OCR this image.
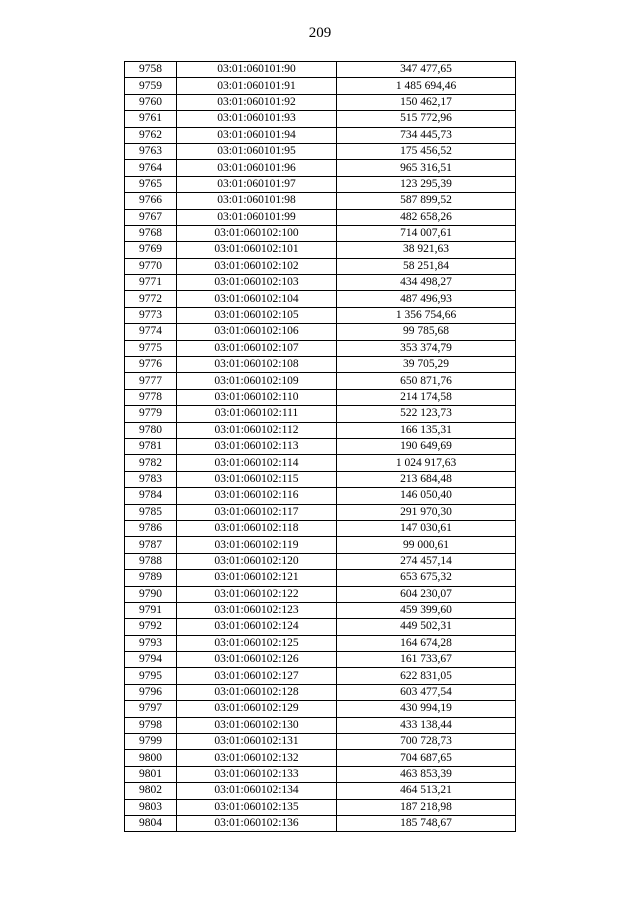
209
9758	03:01:060101:90	347 477,65
9759	03:01:060101:91	1 485 694,46
9760	03:01:060101:92	150 462,17
9761	03:01:060101:93	515 772,96
9762	03:01:060101:94	734 445,73
9763	03:01:060101:95	175 456,52
9764	03:01:060101:96	965 316,51
9765	03:01:060101:97	123 295,39
9766	03:01:060101:98	587 899,52
9767	03:01:060101:99	482 658,26
9768	03:01:060102:100	714 007,61
9769	03:01:060102:101	38 921,63
9770	03:01:060102:102	58 251,84
9771	03:01:060102:103	434 498,27
9772	03:01:060102:104	487 496,93
9773	03:01:060102:105	1 356 754,66
9774	03:01:060102:106	99 785,68
9775	03:01:060102:107	353 374,79
9776	03:01:060102:108	39 705,29
9777	03:01:060102:109	650 871,76
9778	03:01:060102:110	214 174,58
9779	03:01:060102:111	522 123,73
9780	03:01:060102:112	166 135,31
9781	03:01:060102:113	190 649,69
9782	03:01:060102:114	1 024 917,63
9783	03:01:060102:115	213 684,48
9784	03:01:060102:116	146 050,40
9785	03:01:060102:117	291 970,30
9786	03:01:060102:118	147 030,61
9787	03:01:060102:119	99 000,61
9788	03:01:060102:120	274 457,14
9789	03:01:060102:121	653 675,32
9790	03:01:060102:122	604 230,07
9791	03:01:060102:123	459 399,60
9792	03:01:060102:124	449 502,31
9793	03:01:060102:125	164 674,28
9794	03:01:060102:126	161 733,67
9795	03:01:060102:127	622 831,05
9796	03:01:060102:128	603 477,54
9797	03:01:060102:129	430 994,19
9798	03:01:060102:130	433 138,44
9799	03:01:060102:131	700 728,73
9800	03:01:060102:132	704 687,65
9801	03:01:060102:133	463 853,39
9802	03:01:060102:134	464 513,21
9803	03:01:060102:135	187 218,98
9804	03:01:060102:136	185 748,67
